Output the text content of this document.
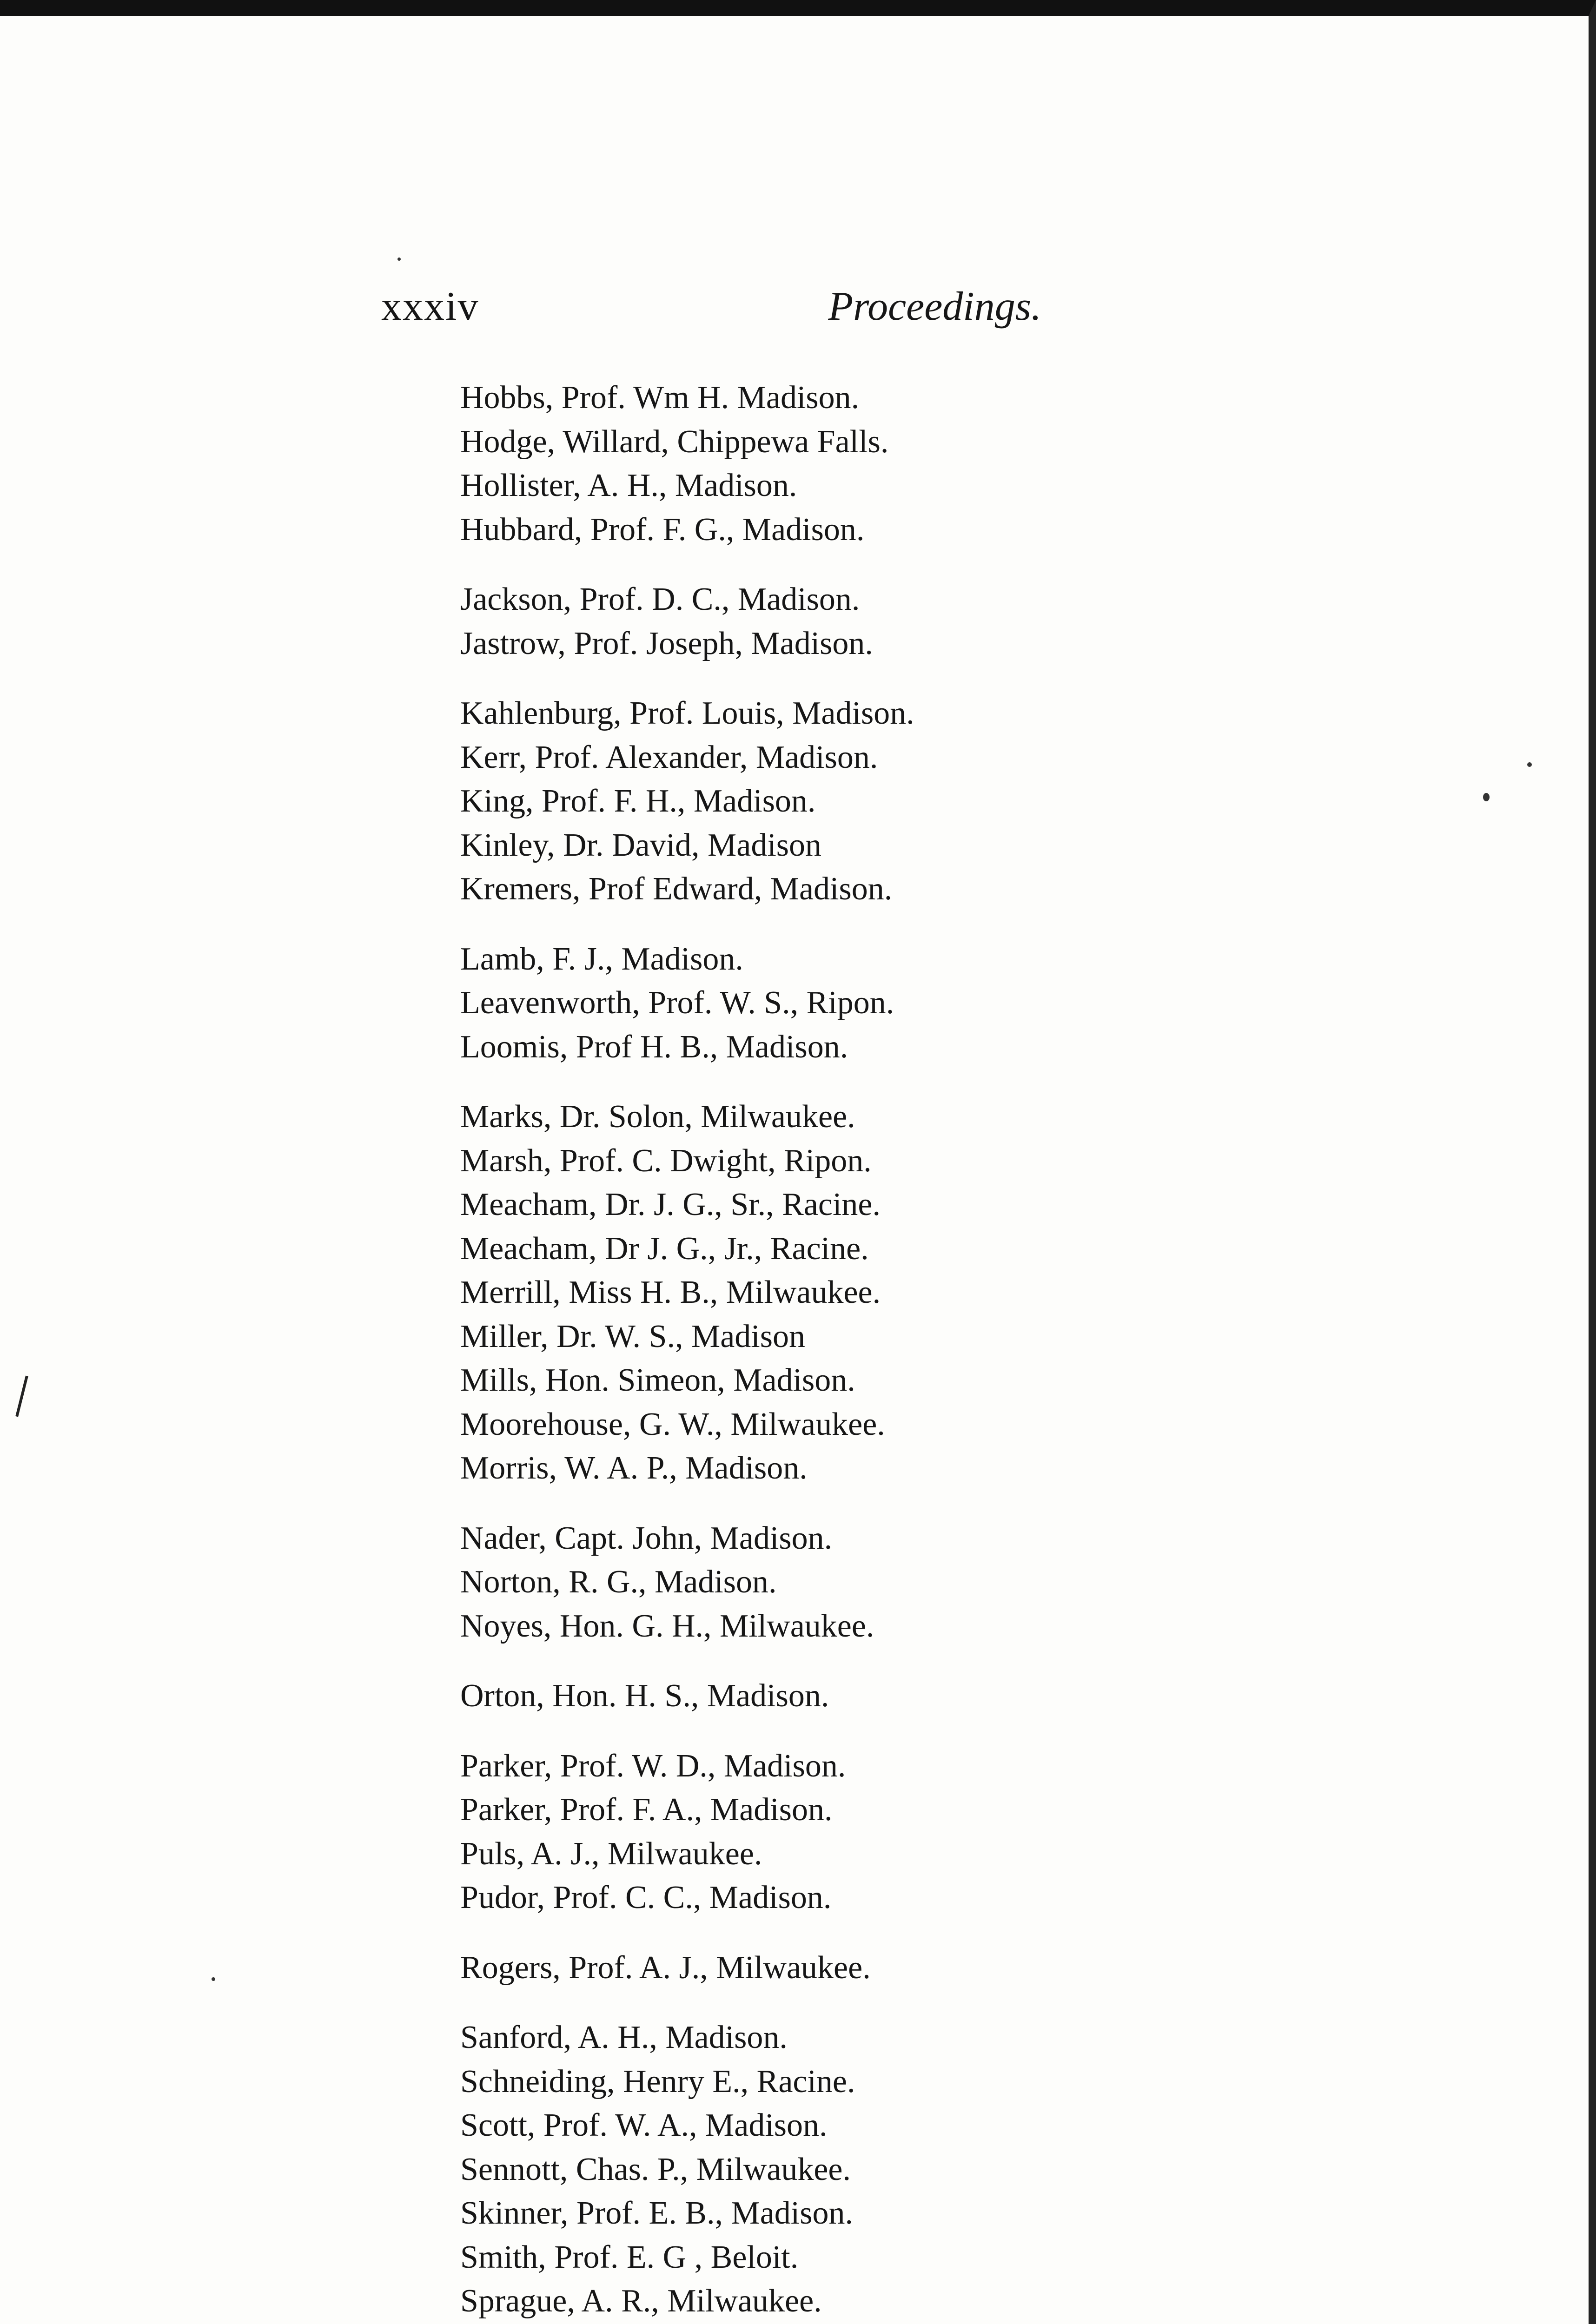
xxxiv	Proceedings.
Hobbs, Prof. Wm H. Madison.
Hodge, Willard, Chippewa Falls.
Hollister, A. H., Madison.
Hubbard, Prof. F. G., Madison.
Jackson, Prof. D. C., Madison.
Jastrow, Prof. Joseph, Madison.
Kahlenburg, Prof. Louis, Madison.
Kerr, Prof. Alexander, Madison.
King, Prof. F. H., Madison.
Kinley, Dr. David, Madison
Kremers, Prof Edward, Madison.
Lamb, F. J., Madison.
Leavenworth, Prof. W. S., Ripon.
Loomis, Prof H. B., Madison.
Marks, Dr. Solon, Milwaukee.
Marsh, Prof. C. Dwight, Ripon.
Meacham, Dr. J. G., Sr., Racine.
Meacham, Dr J. G., Jr., Racine.
Merrill, Miss H. B., Milwaukee.
Miller, Dr. W. S., Madison
Mills, Hon. Simeon, Madison.
Moorehouse, G. W., Milwaukee.
Morris, W. A. P., Madison.
Nader, Capt. John, Madison.
Norton, R. G., Madison.
Noyes, Hon. G. H., Milwaukee.
Orton, Hon. H. S., Madison.
Parker, Prof. W. D., Madison.
Parker, Prof. F. A., Madison.
Puls, A. J., Milwaukee.
Pudor, Prof. C. C., Madison.
Rogers, Prof. A. J., Milwaukee.
Sanford, A. H., Madison.
Schneiding, Henry E., Racine.
Scott, Prof. W. A., Madison.
Sennott, Chas. P., Milwaukee.
Skinner, Prof. E. B., Madison.
Smith, Prof. E. G , Beloit.
Sprague, A. R., Milwaukee.
